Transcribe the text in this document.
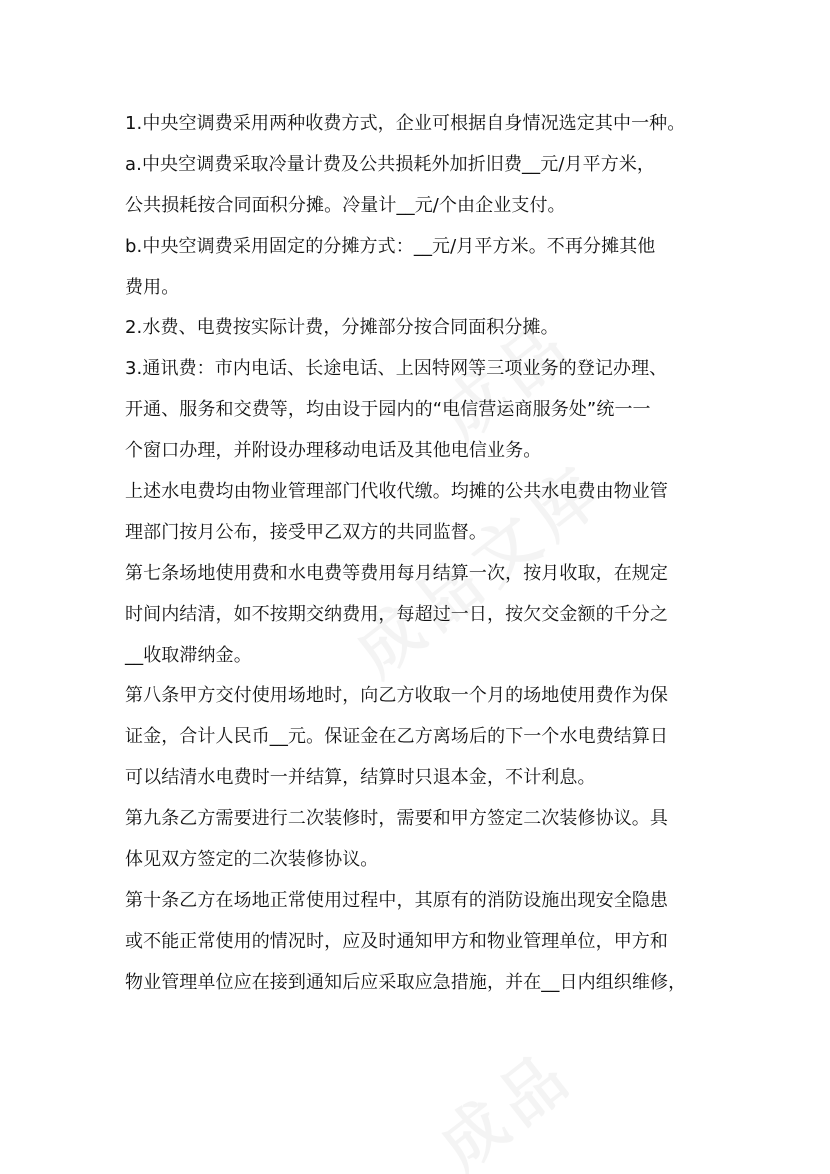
1.中央空调费采用两种收费方式，企业可根据自身情况选定其中一种。
a.中央空调费采取冷量计费及公共损耗外加折旧费__元/月平方米，
公共损耗按合同面积分摊。冷量计__元/个由企业支付。
b.中央空调费采用固定的分摊方式：__元/月平方米。不再分摊其他
费用。
2.水费、电费按实际计费，分摊部分按合同面积分摊。
3.通讯费：市内电话、长途电话、上因特网等三项业务的登记办理、
开通、服务和交费等，均由设于园内的“电信营运商服务处”统一一
个窗口办理，并附设办理移动电话及其他电信业务。
上述水电费均由物业管理部门代收代缴。均摊的公共水电费由物业管
理部门按月公布，接受甲乙双方的共同监督。
第七条场地使用费和水电费等费用每月结算一次，按月收取，在规定
时间内结清，如不按期交纳费用，每超过一日，按欠交金额的千分之
__收取滞纳金。
第八条甲方交付使用场地时，向乙方收取一个月的场地使用费作为保
证金，合计人民币__元。保证金在乙方离场后的下一个水电费结算日
可以结清水电费时一并结算，结算时只退本金，不计利息。
第九条乙方需要进行二次装修时，需要和甲方签定二次装修协议。具
体见双方签定的二次装修协议。
第十条乙方在场地正常使用过程中，其原有的消防设施出现安全隐患
或不能正常使用的情况时，应及时通知甲方和物业管理单位，甲方和
物业管理单位应在接到通知后应采取应急措施，并在__日内组织维修，
